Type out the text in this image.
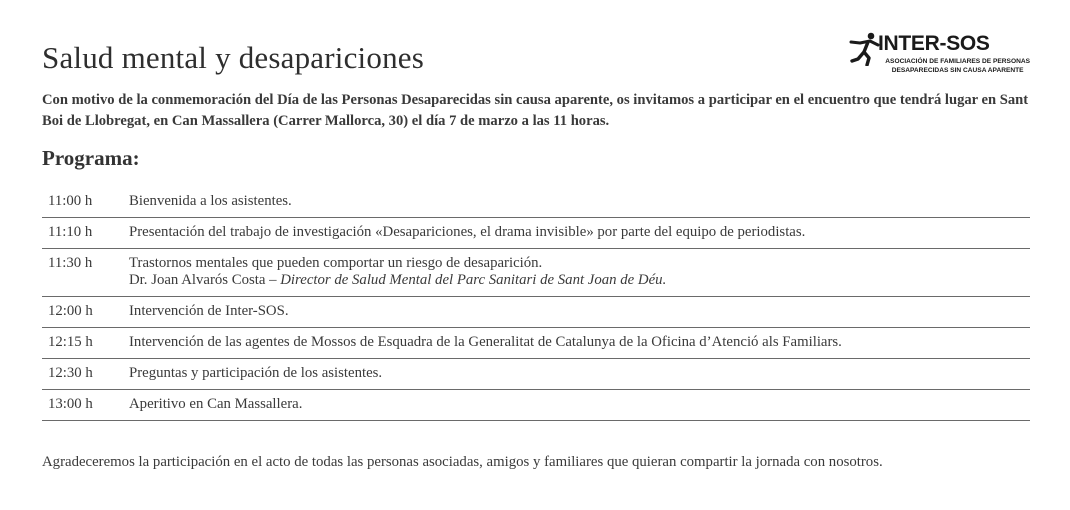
Salud mental y desapariciones	INTER-SOS
ASOCIACIÓN DE FAMILIARES DE PERSONAS
DESAPARECIDAS SIN CAUSA APARENTE

Con motivo de la conmemoración del Día de las Personas Desaparecidas sin causa aparente, os invitamos a participar en el encuentro que tendrá lugar en Sant Boi de Llobregat, en Can Massallera (Carrer Mallorca, 30) el día 7 de marzo a las 11 horas.

Programa:
11:00 h	Bienvenida a los asistentes.
11:10 h	Presentación del trabajo de investigación «Desapariciones, el drama invisible» por parte del equipo de periodistas.
11:30 h	Trastornos mentales que pueden comportar un riesgo de desaparición.
Dr. Joan Alvarós Costa – Director de Salud Mental del Parc Sanitari de Sant Joan de Déu.

12:00 h	Intervención de Inter-SOS.
12:15 h	Intervención de las agentes de Mossos de Esquadra de la Generalitat de Catalunya de la Oficina d’Atenció als Familiars.
12:30 h	Preguntas y participación de los asistentes.
13:00 h	Aperitivo en Can Massallera.

Agradeceremos la participación en el acto de todas las personas asociadas, amigos y familiares que quieran compartir la jornada con nosotros.
